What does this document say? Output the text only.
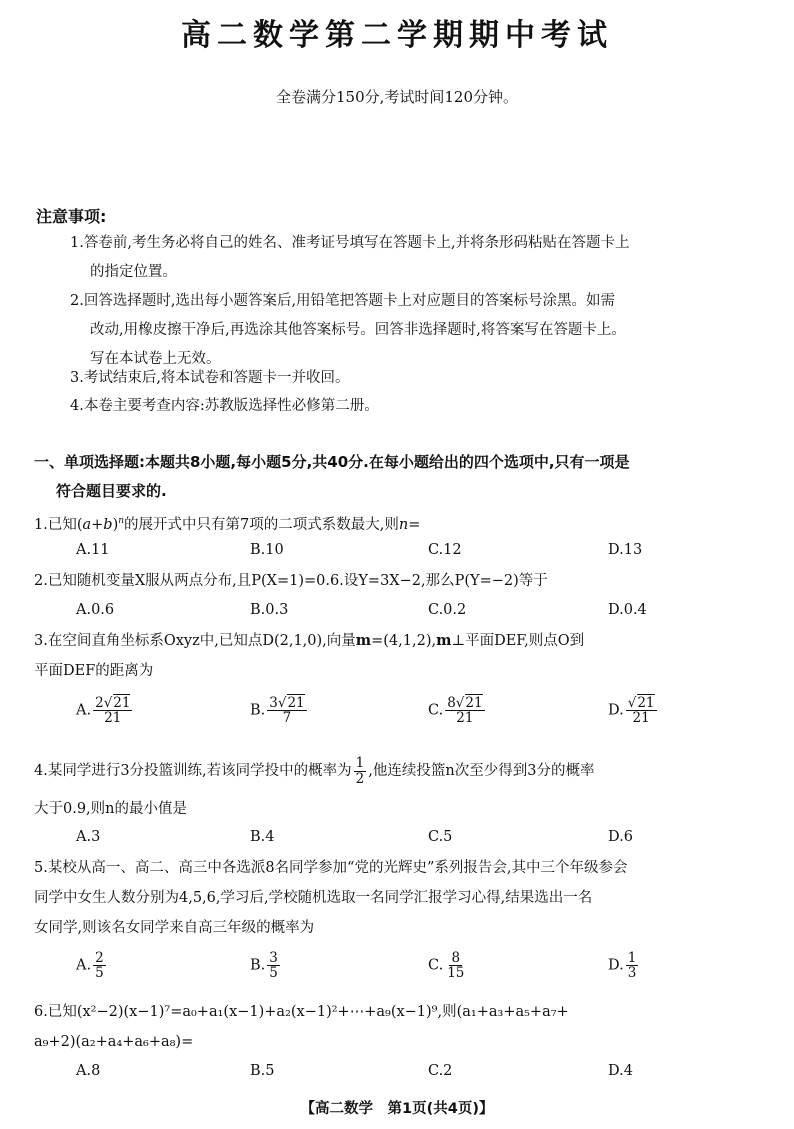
高二数学第二学期期中考试
全卷满分150分,考试时间120分钟。
注意事项:
1.答卷前,考生务必将自己的姓名、准考证号填写在答题卡上,并将条形码粘贴在答题卡上
的指定位置。
2.回答选择题时,选出每小题答案后,用铅笔把答题卡上对应题目的答案标号涂黑。如需
改动,用橡皮擦干净后,再选涂其他答案标号。回答非选择题时,将答案写在答题卡上。
写在本试卷上无效。
3.考试结束后,将本试卷和答题卡一并收回。
4.本卷主要考查内容:苏教版选择性必修第二册。
一、单项选择题:本题共8小题,每小题5分,共40分.在每小题给出的四个选项中,只有一项是
符合题目要求的.
1.已知$(a+b)^n$的展开式中只有第7项的二项式系数最大,则n=
A.11	B.10	C.12	D.13
2.已知随机变量X服从两点分布,且P(X=1)=0.6.设Y=3X−2,那么P(Y=−2)等于
A.0.6	B.0.3	C.0.2	D.0.4
3.在空间直角坐标系Oxyz中,已知点D(2,1,0),向量m=(4,1,2),m⊥平面DEF,则点O到
平面DEF的距离为
A. $\frac{2√21}{21}$	B. $\frac{3√21}{7}$	C. $\frac{8√21}{21}$	D. $\frac{√21}{21}$
4.某同学进行3分投篮训练,若该同学投中的概率为 $\frac{1}{2}$ ,他连续投篮n次至少得到3分的概率
大于0.9,则n的最小值是
A.3	B.4	C.5	D.6
5.某校从高一、高二、高三中各选派8名同学参加“党的光辉史”系列报告会,其中三个年级参会
同学中女生人数分别为4,5,6,学习后,学校随机选取一名同学汇报学习心得,结果选出一名
女同学,则该名女同学来自高三年级的概率为
A. $\frac{2}{5}$	B. $\frac{3}{5}$	C. $\frac{8}{15}$	D. $\frac{1}{3}$
6.已知(x²−2)(x−1)⁷=a₀+a₁(x−1)+a₂(x−1)²+⋯+a₉(x−1)⁹,则(a₁+a₃+a₅+a₇+
a₉+2)(a₂+a₄+a₆+a₈)=
A.8	B.5	C.2	D.4
【高二数学　第1页(共4页)】
